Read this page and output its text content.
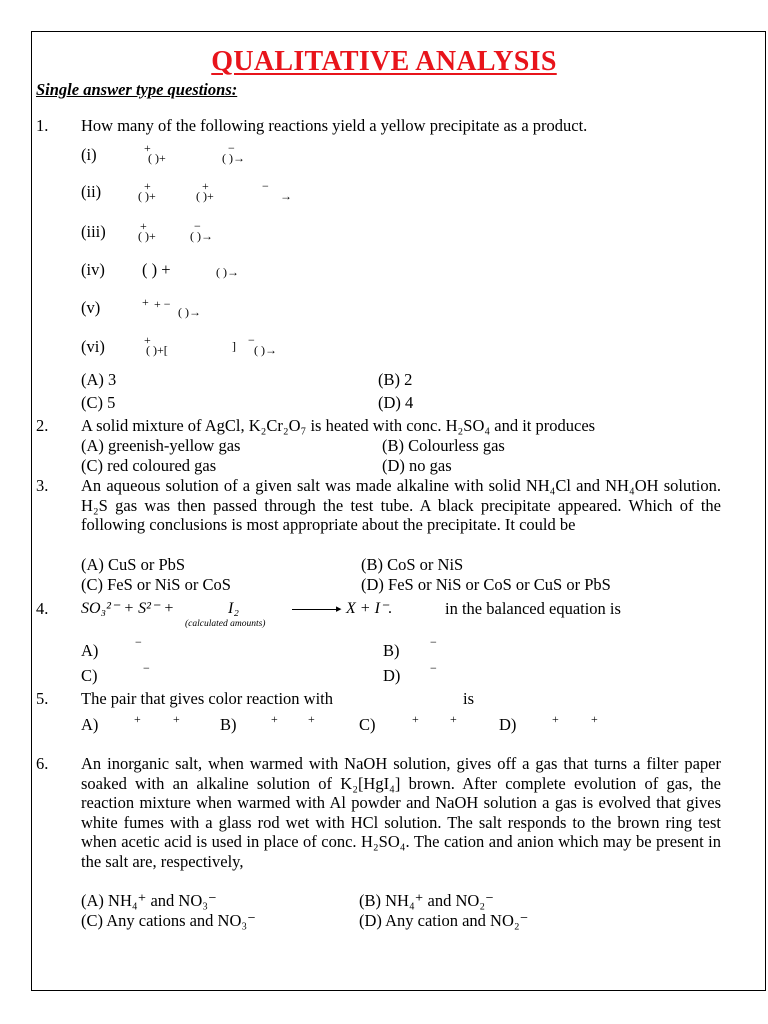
QUALITATIVE ANALYSIS
Single answer type questions:
1. How many of the following reactions yield a yellow precipitate as a product.
(i)	+
( )+
−
( )→
(ii)	+
( )+
+
( )+
−
→
(iii)	+
( )+
−
( )→
(iv) ( ) +	( )→
(v)	+ + −
( )→
(vi)	+
( )+[	] −
( )→
(A) 3	(B) 2
(C) 5	(D) 4
2. A solid mixture of AgCl, K₂Cr₂O₇ is heated with conc. H₂SO₄ and it produces
(A) greenish-yellow gas	(B) Colourless gas
(C) red coloured gas	(D) no gas
3. An aqueous solution of a given salt was made alkaline with solid NH₄Cl and NH₄OH solution. H₂S gas was then passed through the test tube. A black precipitate appeared. Which of the following conclusions is most appropriate about the precipitate. It could be
(A) CuS or PbS	(B) CoS or NiS
(C) FeS or NiS or CoS	(D) FeS or NiS or CoS or CuS or PbS
4. SO₃²⁻ + S²⁻ +	I₂
(calculated amounts)
▸ X + I⁻.	in the balanced equation is
A)	−	B)	−
C)	−	D) −
5. The pair that gives color reaction with	is
A)	+	+ B)	+	+	C)	+	+	D)	+	+
6. An inorganic salt, when warmed with NaOH solution, gives off a gas that turns a filter paper soaked with an alkaline solution of K₂[HgI₄] brown. After complete evolution of gas, the reaction mixture when warmed with Al powder and NaOH solution a gas is evolved that gives white fumes with a glass rod wet with HCl solution. The salt responds to the brown ring test when acetic acid is used in place of conc. H₂SO₄. The cation and anion which may be present in the salt are, respectively,
(A) NH₄⁺ and NO₃⁻	(B) NH₄⁺ and NO₂⁻
(C) Any cations and NO₃⁻	(D) Any cation and NO₂⁻
